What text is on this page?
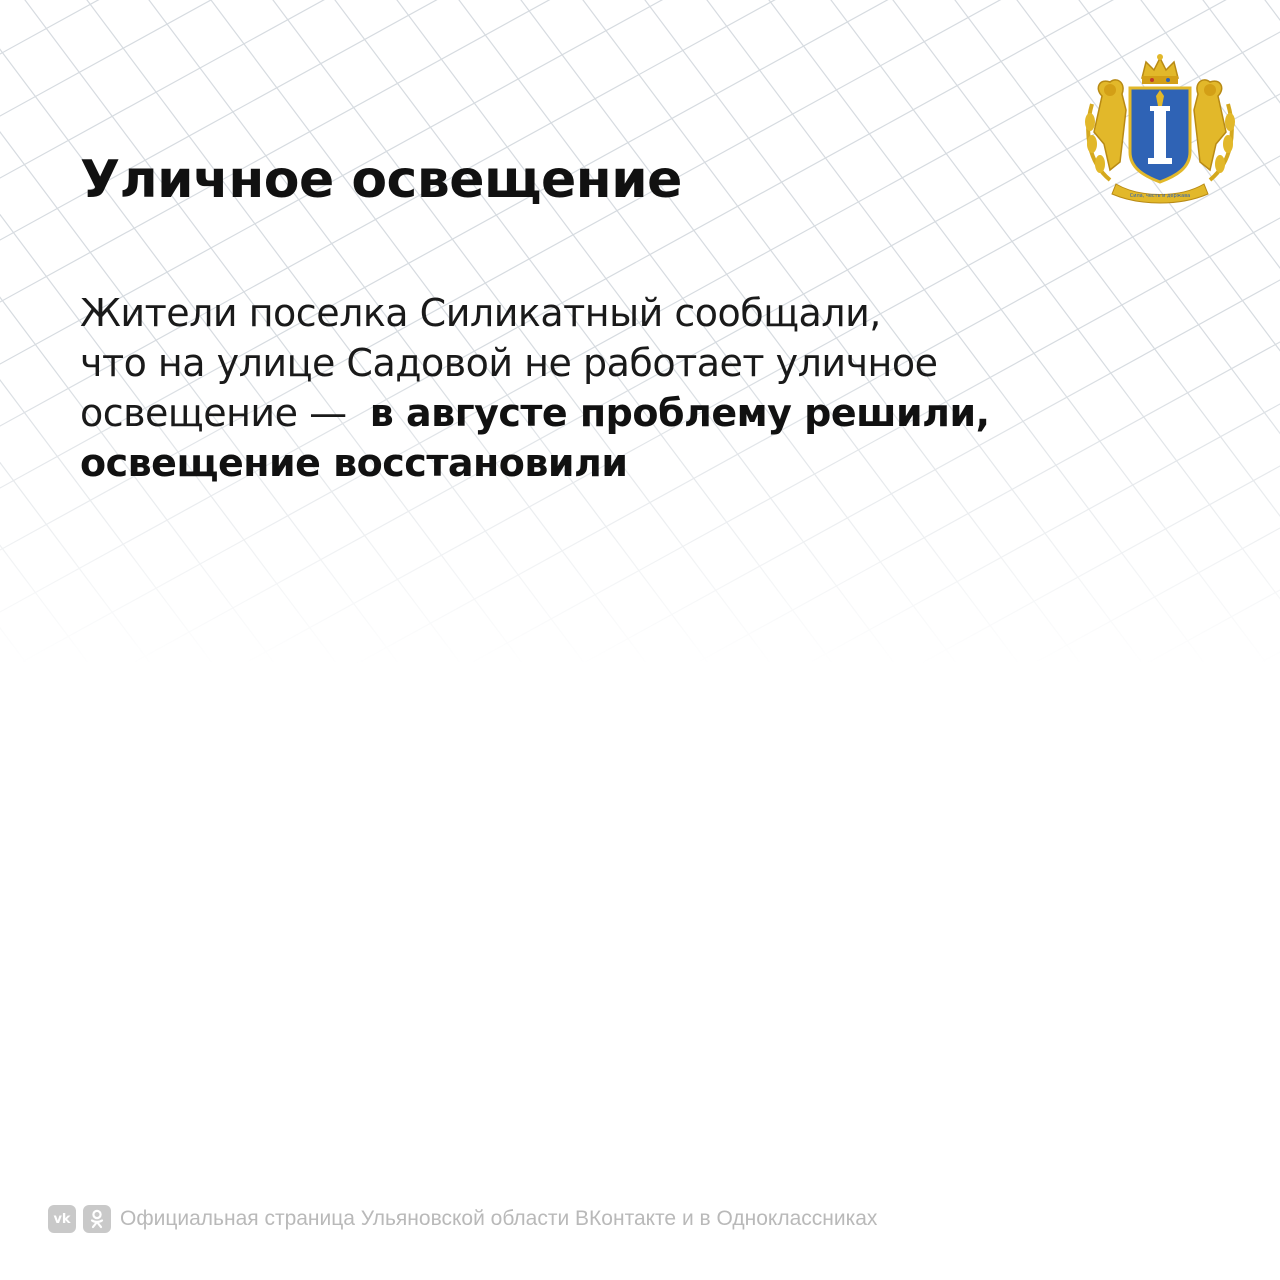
Уличное освещение

Жители поселка Силикатный сообщали,
что на улице Садовой не работает уличное
освещение —  в августе проблему решили,
освещение восстановили

Сила, честь и держава
vk Официальная страница Ульяновской области ВКонтакте и в Одноклассниках
